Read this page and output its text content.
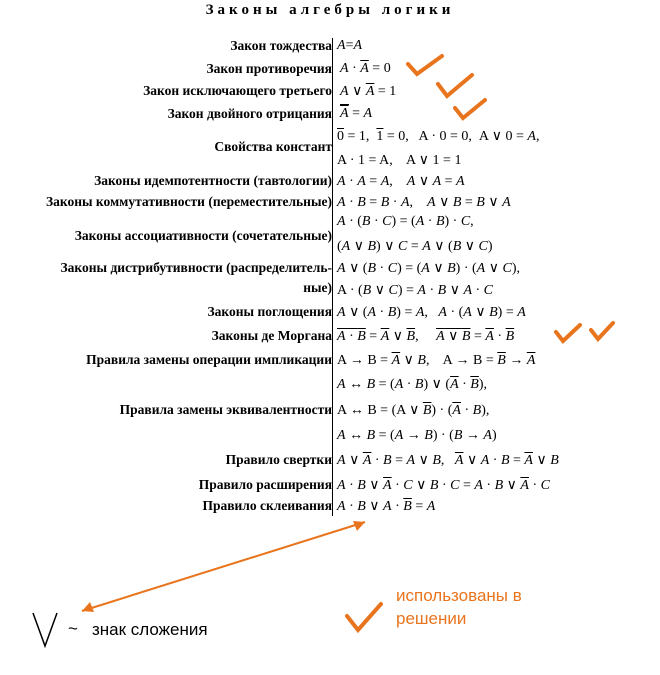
Законы алгебры логики
Закон тождества A=A
Закон противоречия $A \cdot \overline{A} = 0$
Закон исключающего третьего A ∨ $\overline{A} = 1$
Закон двойного отрицания $\overline{A} = A$
Свойства констант
0 = 1,  1 = 0,   A · 0 = 0,  A ∨ 0 = A,
A · 1 = A,    A ∨ 1 = 1
Законы идемпотентности (тавтологии) A · A = A,    A ∨ A = A
Законы коммутативности (переместительные) A · B = B · A,    A ∨ B = B ∨ A
Законы ассоциативности (сочетательные)
A · (B · C) = (A · B) · C,
(A ∨ B) ∨ C = A ∨ (B ∨ C)
Законы дистрибутивности (распределитель-
ные)
A ∨ (B · C) = (A ∨ B) · (A ∨ C),
A · (B ∨ C) = A · B ∨ A · C
Законы поглощения A ∨ (A · B) = A,   A · (A ∨ B) = A
Законы де Моргана $A \cdot B = \overline{A}$ ∨ $\overline{B}$,     A ∨ $B = \overline{A} \cdot \overline{B}$
Правила замены операции импликации $A \to B = \overline{A}$ ∨ B,    $A \to B = \overline{B} \to \overline{A}$
Правила замены эквивалентности
A ↔ B = (A · B) ∨ $(\overline{A} \cdot \overline{B})$,
A ↔ B = (A ∨ $\overline{B}) \cdot (\overline{A} \cdot B)$,
A ↔ B = (A → B) · (B → A)
Правило свертки A ∨ $\overline{A} \cdot B = A$ ∨ B,   $\overline{A}$ ∨ $A \cdot B = \overline{A}$ ∨ B
Правило расширения A · B ∨ $\overline{A} \cdot C$ ∨ B · C = A · B ∨ $\overline{A} \cdot C$
Правило склеивания A · B ∨ $A \cdot \overline{B} = A$
~ знак сложения
использованы в
решении
